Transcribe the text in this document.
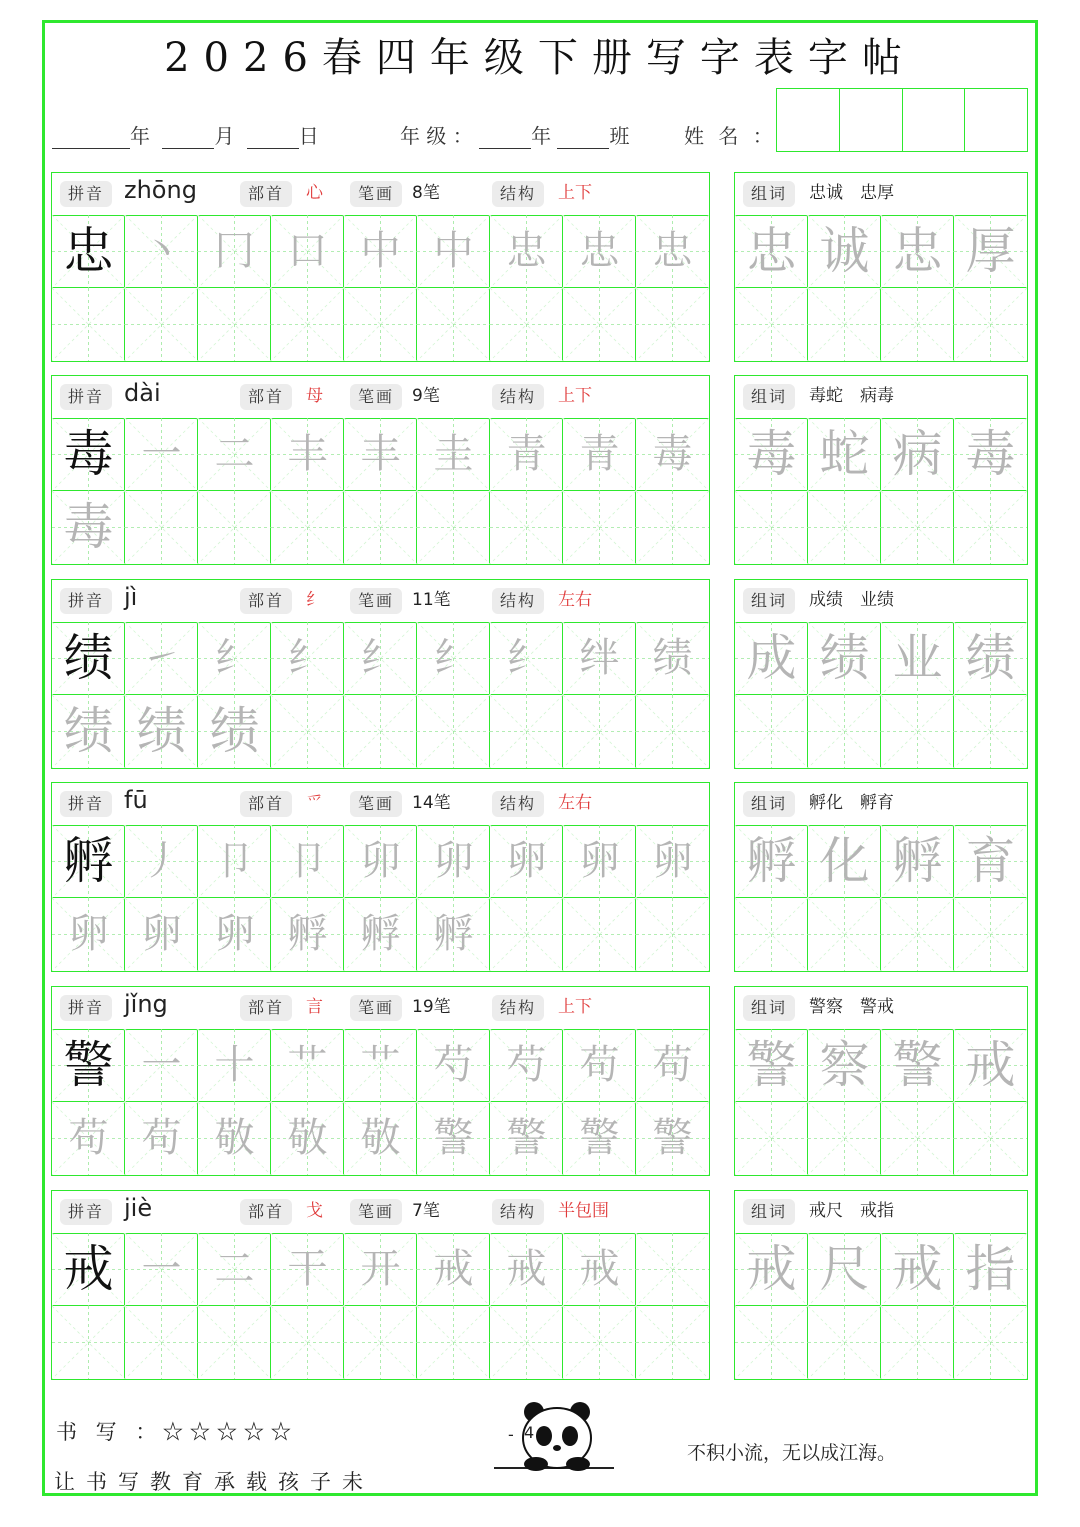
2026春四年级下册写字表字帖
年	月	日	年 级 ：	年	班	姓 名 ：
拼音 zhōng	部首	心	笔画	8笔	结构	上下
忠 丶 冂 口 中 中 忠 忠 忠
组词	忠诚　忠厚
忠 诚 忠 厚
拼音 dài	部首	母	笔画	9笔	结构	上下
毒 一 二 丰 丰 圭 青 青 毒
毒
组词	毒蛇　病毒
毒 蛇 病 毒
拼音 jì	部首	纟	笔画	11笔	结构	左右
绩 ㇀ 纟 纟 纟 纟 纟 绊 绩
绩 绩 绩
组词	成绩　业绩
成 绩 业 绩
拼音 fū	部首	爫	笔画	14笔	结构	左右
孵 丿 卩 卩 卯 卯 卵 卵 卵
卵 卵 卵 孵 孵 孵
组词	孵化　孵育
孵 化 孵 育
拼音 jǐng	部首	言	笔画	19笔	结构	上下
警 一 十 艹 艹 芍 芍 苟 苟
苟 苟 敬 敬 敬 警 警 警 警
组词	警察　警戒
警 察 警 戒
拼音 jiè	部首	戈	笔画	7笔	结构	半包围
戒 一 二 干 开 戒 戒 戒
组词	戒尺　戒指
戒 尺 戒 指
书 写 ：☆☆☆☆☆
让书写教育承载孩子未
- 4
不积小流，无以成江海。
